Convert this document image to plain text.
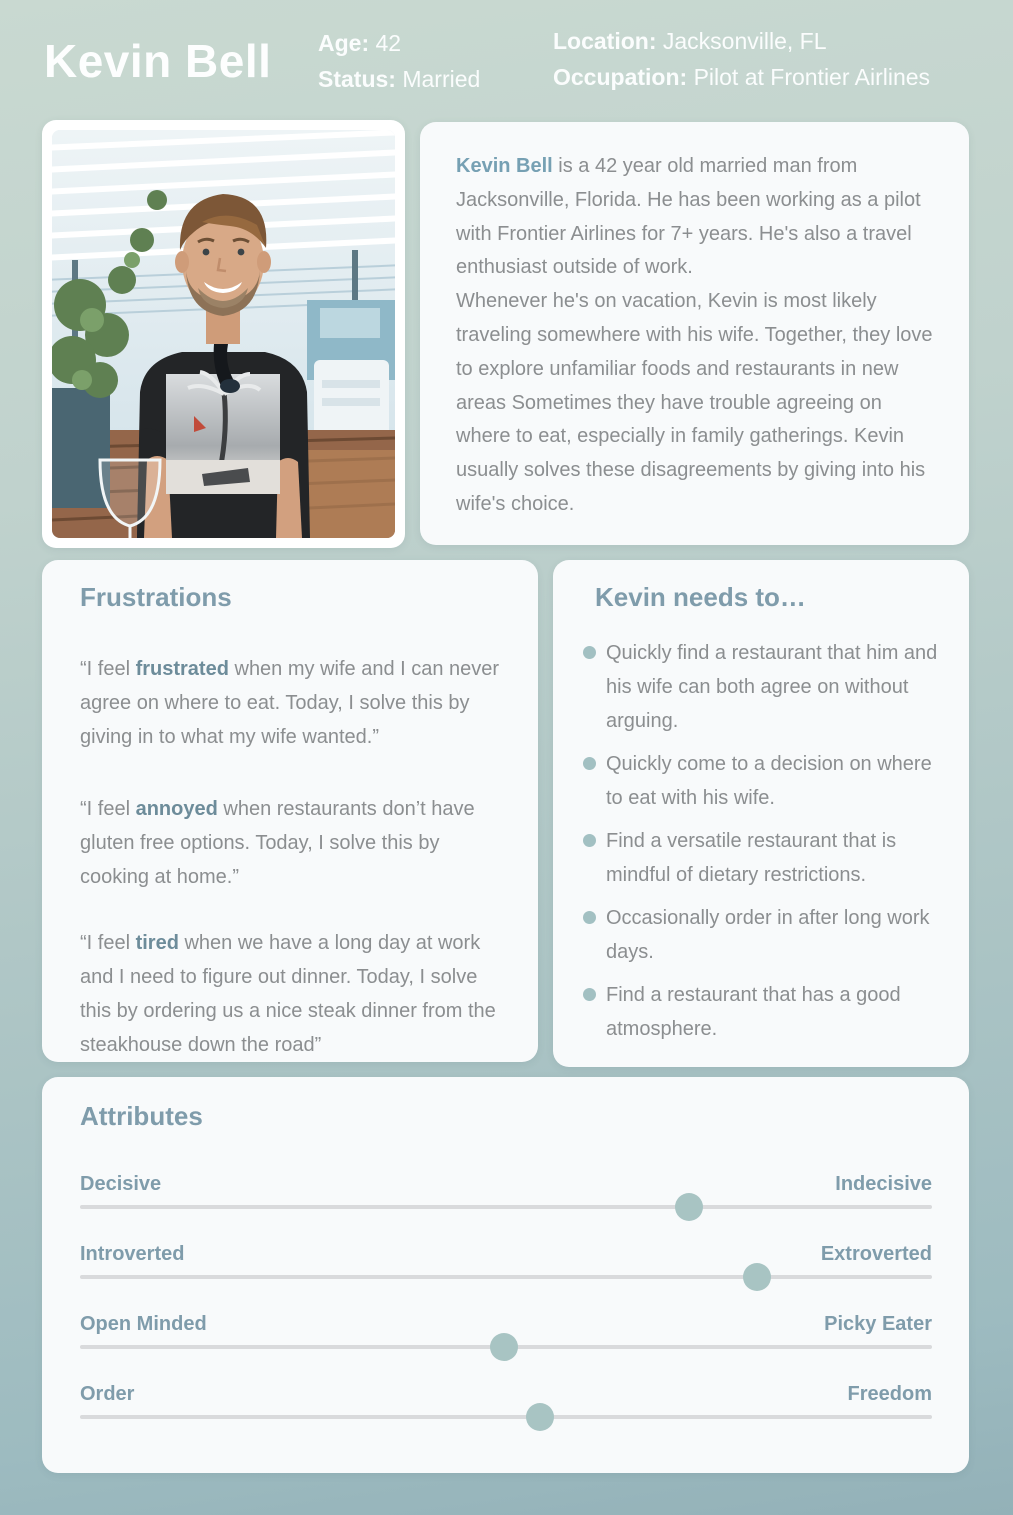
Kevin Bell Age: 42
Status: Married
Location: Jacksonville, FL
Occupation: Pilot at Frontier Airlines
Kevin Bell is a 42 year old married man from Jacksonville, Florida. He has been working as a pilot with Frontier Airlines for 7+ years. He's also a travel enthusiast outside of work.
Whenever he's on vacation, Kevin is most likely traveling somewhere with his wife. Together, they love to explore unfamiliar foods and restaurants in new areas Sometimes they have trouble agreeing on where to eat, especially in family gatherings. Kevin usually solves these disagreements by giving into his wife's choice.
Frustrations

“I feel frustrated when my wife and I can never agree on where to eat. Today, I solve this by giving in to what my wife wanted.”

“I feel annoyed when restaurants don’t have gluten free options. Today, I solve this by cooking at home.”

“I feel tired when we have a long day at work and I need to figure out dinner. Today, I solve this by ordering us a nice steak dinner from the steakhouse down the road”

Kevin needs to…
Quickly find a restaurant that him and his wife can both agree on without arguing.
Quickly come to a decision on where to eat with his wife.
Find a versatile restaurant that is mindful of dietary restrictions.
Occasionally order in after long work days.
Find a restaurant that has a good atmosphere.
Attributes
Decisive	Indecisive
Introverted	Extroverted
Open Minded	Picky Eater
Order	Freedom
